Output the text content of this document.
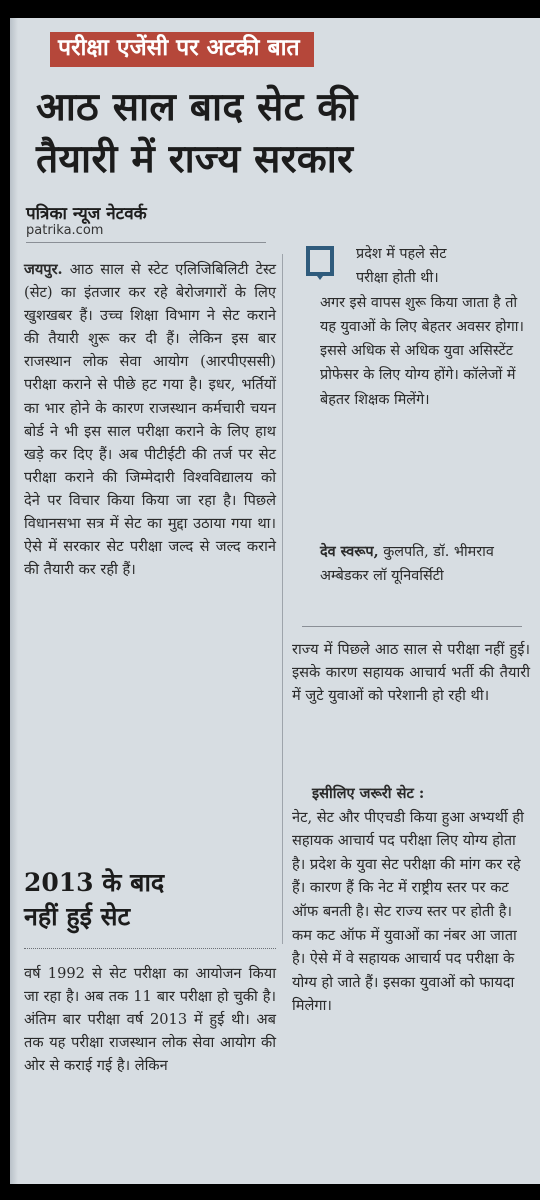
परीक्षा एजेंसी पर अटकी बात
आठ साल बाद सेट की
तैयारी में राज्य सरकार
पत्रिका न्यूज नेटवर्क
patrika.com

जयपुर. आठ साल से स्टेट एलिजिबिलिटी टेस्ट (सेट) का इंतजार कर रहे बेरोजगारों के लिए खुशखबर हैं। उच्च शिक्षा विभाग ने सेट कराने की तैयारी शुरू कर दी हैं। लेकिन इस बार राजस्थान लोक सेवा आयोग (आरपीएससी) परीक्षा कराने से पीछे हट गया है। इधर, भर्तियों का भार होने के कारण राजस्थान कर्मचारी चयन बोर्ड ने भी इस साल परीक्षा कराने के लिए हाथ खड़े कर दिए हैं। अब पीटीईटी की तर्ज पर सेट परीक्षा कराने की जिम्मेदारी विश्वविद्यालय को देने पर विचार किया किया जा रहा है। पिछले विधानसभा सत्र में सेट का मुद्दा उठाया गया था। ऐसे में सरकार सेट परीक्षा जल्द से जल्द कराने की तैयारी कर रही हैं।

2013 के बाद
नहीं हुई सेट

वर्ष 1992 से सेट परीक्षा का आयोजन किया जा रहा है। अब तक 11 बार परीक्षा हो चुकी है। अंतिम बार परीक्षा वर्ष 2013 में हुई थी। अब तक यह परीक्षा राजस्थान लोक सेवा आयोग की ओर से कराई गई है। लेकिन

प्रदेश में पहले सेट
परीक्षा होती थी।
अगर इसे वापस शुरू किया जाता है तो यह युवाओं के लिए बेहतर अवसर होगा। इससे अधिक से अधिक युवा असिस्टेंट प्रोफेसर के लिए योग्य होंगे। कॉलेजों में बेहतर शिक्षक मिलेंगे।
देव स्वरूप, कुलपति, डॉ. भीमराव अम्बेडकर लॉ यूनिवर्सिटी

राज्य में पिछले आठ साल से परीक्षा नहीं हुई। इसके कारण सहायक आचार्य भर्ती की तैयारी में जुटे युवाओं को परेशानी हो रही थी।

इसीलिए जरूरी सेट :
नेट, सेट और पीएचडी किया हुआ अभ्यर्थी ही सहायक आचार्य पद परीक्षा लिए योग्य होता है। प्रदेश के युवा सेट परीक्षा की मांग कर रहे हैं। कारण हैं कि नेट में राष्ट्रीय स्तर पर कट ऑफ बनती है। सेट राज्य स्तर पर होती है। कम कट ऑफ में युवाओं का नंबर आ जाता है। ऐसे में वे सहायक आचार्य पद परीक्षा के योग्य हो जाते हैं। इसका युवाओं को फायदा मिलेगा।
